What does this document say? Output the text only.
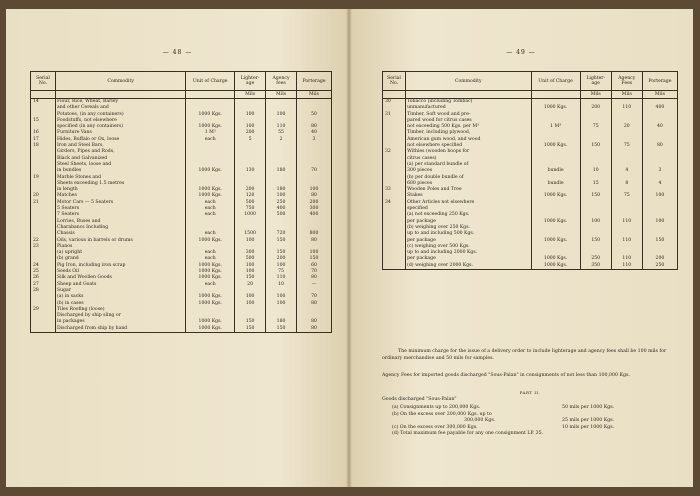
— 48 —
Serial No.	Commodity	Unit of Charge	Lighter-age	Agency fees	Porterage
			Mils	Mils	Mils
14	Flour, Rice, Wheat, Barley				
	and other Cereals and				
	Potatoes, (in any containers)	1000 Kgs.	100	100	50
15	Foodstuffs, not elsewhere				
	specified (in any containers)	1000 Kgs.	100	110	80
16	Furniture Vans	1 M³	200	55	40
17	Hides, Buffalo or Ox, loose	each	5	2	3
18	Iron and Steel Bars,				
	Girders, Pipes and Rods,				
	Black and Galvanized				
	Steel Sheets, loose and				
	in bundles	1000 Kgs.	130	180	70
19	Marble Stones and				
	Sheets exceeding 1.5 metres				
	in length	1000 Kgs.	200	180	100
20	Matches	1000 Kgs.	120	100	80
21	Motor Cars — 5 Seaters	each	500	250	200
	5 Seaters	each	750	400	300
	7 Seaters	each	1000	500	400

	Lorries, Buses and				
	Charabancs Including				
	Chassis	each	1500	720	800
22	Oils, various in barrels or drums	1000 Kgs.	100	150	80
23	Pianos				
	(a) upright	each	300	150	100
	(b) grand	each	500	200	150
24	Pig Iron, including iron scrap	1000 Kgs.	100	100	60
25	Seeds Oil	1000 Kgs.	100	75	70
26	Silk and Woollen Goods	1000 Kgs.	150	110	80
27	Sheep and Goats	each	20	10	—
28	Sugar				
	(a) in sacks	1000 Kgs.	100	100	70
	(b) in cases	1000 Kgs.	100	100	80
29	Tiles Roofing (loose)				
	Discharged by ship sling or				
	in packages	1000 Kgs.	150	180	80
	Discharged from ship by hand	1000 Kgs.	150	150	80

— 49 —
Serial No.	Commodity	Unit of Charge	Lighter-age	Agency Fees	Porterage
			Mils	Mils	Mils
30	Tobacco (including Tombac)				
	unmanufactured	1000 Kgs.	200	110	400
31	Timber, Soft wood and pre-				
	pared wood for citrus cases				
	not exceeding 500 Kgs. per M³	1 M³	75	20	40
	Timber, including plywood,				
	American gum wood, and wood				
	not elsewhere specified	1000 Kgs.	150	75	80
32	Withies (wooden hoops for				
	citrus cases)				
	(a) per standard bundle of				
	300 pieces	bundle	10	4	3
	(b) per double bundle of				
	600 pieces	bundle	15	8	4
33	Wooden Poles and Tree				
	Stakes	1000 Kgs.	150	75	100
34	Other Articles not elsewhere				
	specified				
	(a) not exceeding 250 Kgs.				
	per package	1000 Kgs.	100	110	100
	(b) weighing over 250 Kgs.				
	up to and including 500 Kgs.				
	per package	1000 Kgs.	150	110	150
	(c) weighing over 500 Kgs.				
	up to and including 2000 Kgs.				
	per package	1000 Kgs.	250	110	200
	(d) weighing over 2000 Kgs.	1000 Kgs.	350	110	250
The minimum charge for the issue of a delivery order to include lighterage and agency fees shall be 100 mils for ordinary merchandise and 50 mils for samples.
Agency Fees for imported goods discharged "Sous-Palan" in consignments of not less than 100,000 Kgs.
PART II.
Goods discharged "Sous-Palan"
(a) Consignments up to 200,000 Kgs.	50 mils per 1000 Kgs.
(b) On the excess over 200,000 Kgs. up to
300,000 Kgs.	25 mils per 1000 Kgs.
(c) On the excess over 300,000 Kgs.	10 mils per 1000 Kgs.
(d) Total maximum fee payable for any one consignment LP. 35.
